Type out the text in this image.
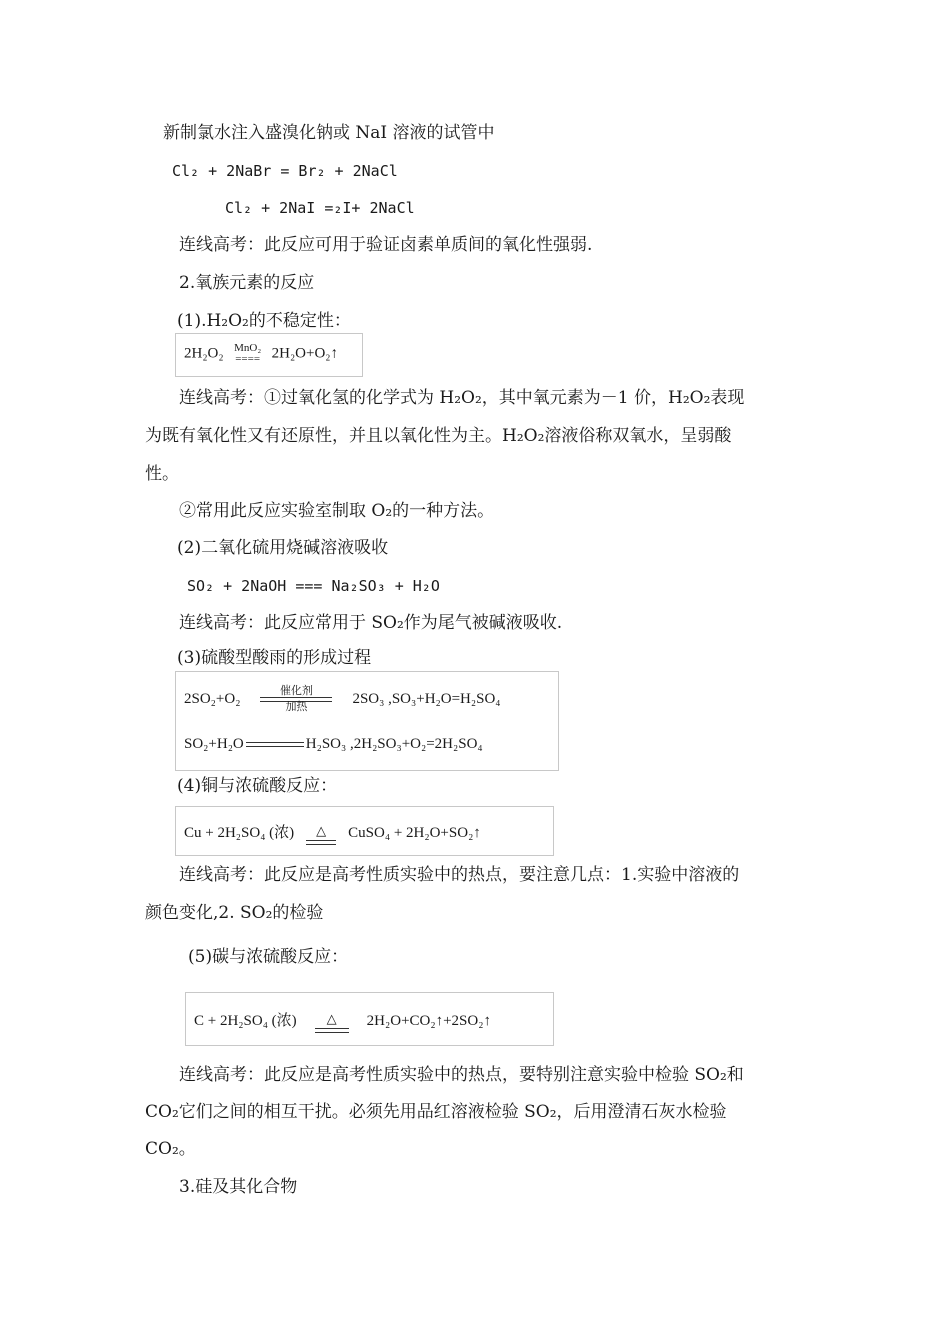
新制氯水注入盛溴化钠或 NaI 溶液的试管中
Cl₂ + 2NaBr = Br₂ + 2NaCl
Cl₂ + 2NaI =₂I+ 2NaCl
连线高考：此反应可用于验证卤素单质间的氧化性强弱.
2.氧族元素的反应
(1).H₂O₂的不稳定性：
2H₂O₂ MnO₂
==== 2H₂O+O₂↑
连线高考：①过氧化氢的化学式为 H₂O₂，其中氧元素为－1 价，H₂O₂表现
为既有氧化性又有还原性，并且以氧化性为主。H₂O₂溶液俗称双氧水，呈弱酸
性。
②常用此反应实验室制取 O₂的一种方法。
(2)二氧化硫用烧碱溶液吸收
SO₂ + 2NaOH === Na₂SO₃ + H₂O
连线高考：此反应常用于 SO₂作为尾气被碱液吸收.
(3)硫酸型酸雨的形成过程
2SO₂+O₂	催化剂
加热
2SO₃ ,SO₃+H₂O=H₂SO₄
SO₂+H₂O	H₂SO₃ ,2H₂SO₃+O₂=2H₂SO₄
(4)铜与浓硫酸反应：
Cu + 2H₂SO₄ (浓) △ CuSO₄ + 2H₂O+SO₂↑
连线高考：此反应是高考性质实验中的热点，要注意几点：1.实验中溶液的
颜色变化,2. SO₂的检验
(5)碳与浓硫酸反应：
C + 2H₂SO₄ (浓) △ 2H₂O+CO₂↑+2SO₂↑
连线高考：此反应是高考性质实验中的热点，要特别注意实验中检验 SO₂和
CO₂它们之间的相互干扰。必须先用品红溶液检验 SO₂，后用澄清石灰水检验
CO₂。
3.硅及其化合物
